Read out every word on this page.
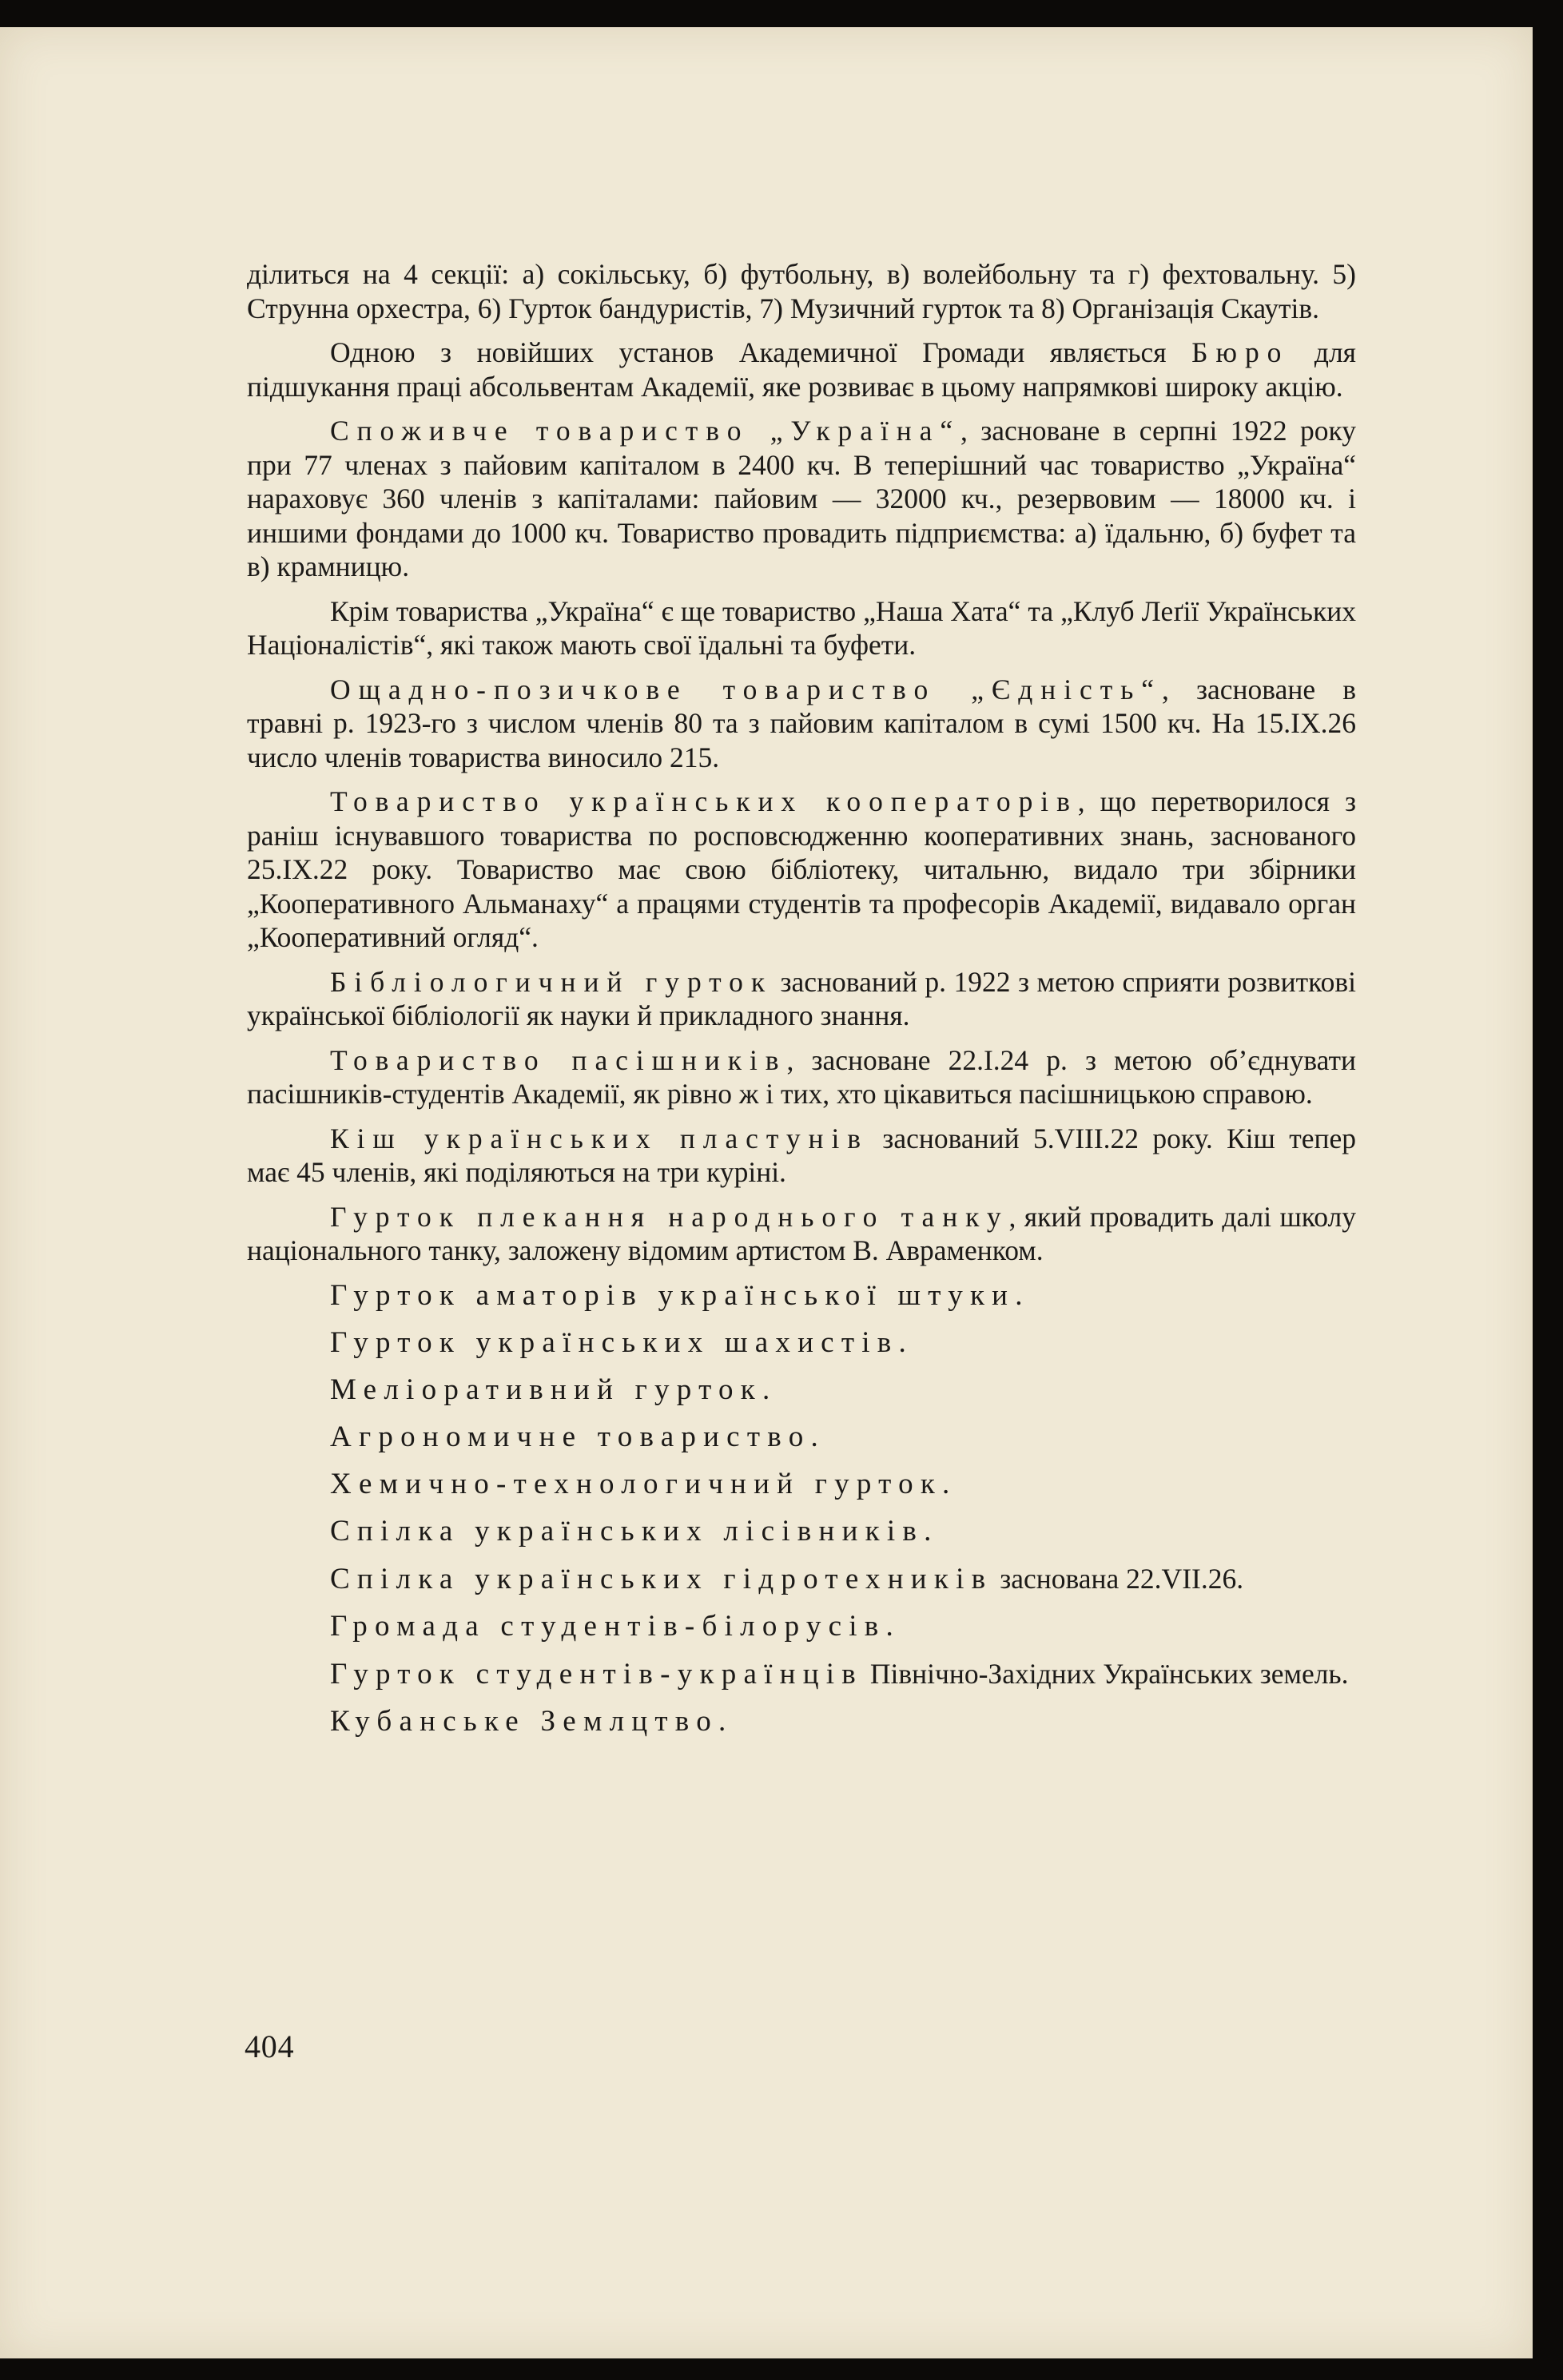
ділиться на 4 секції: а) сокільську, б) футбольну, в) волейбольну та г) фехтовальну. 5) Струнна орхестра, 6) Гурток бандуристів, 7) Музичний гурток та 8) Організація Скаутів.

Одною з новійших установ Академичної Громади являється Бюро для підшукання праці абсольвентам Академії, яке розвиває в цьому напрямкові широку акцію.

Споживче товариство „Україна“, засноване в серпні 1922 року при 77 членах з пайовим капіталом в 2400 кч. В теперішний час товариство „Україна“ нараховує 360 членів з капіталами: пайовим — 32000 кч., резервовим — 18000 кч. і иншими фондами до 1000 кч. Товариство провадить підприємства: а) їдальню, б) буфет та в) крамницю.

Крім товариства „Україна“ є ще товариство „Наша Хата“ та „Клуб Леґії Українських Націоналістів“, які також мають свої їдальні та буфети.

Ощадно-позичкове товариство „Єдність“, засноване в травні р. 1923-го з числом членів 80 та з пайовим капіталом в сумі 1500 кч. На 15.IX.26 число членів товариства виносило 215.

Товариство українських кооператорів, що перетворилося з раніш існувавшого товариства по росповсюдженню кооперативних знань, заснованого 25.IX.22 року. Товариство має свою бібліотеку, читальню, видало три збірники „Кооперативного Альманаху“ а працями студентів та професорів Академії, видавало орган „Кооперативний огляд“.

Бібліологичний гурток заснований р. 1922 з метою сприяти розвиткові української бібліології як науки й прикладного знання.

Товариство пасішників, засноване 22.I.24 р. з метою об’єднувати пасішників-студентів Академії, як рівно ж і тих, хто цікавиться пасішницькою справою.

Кіш українських пластунів заснований 5.VIII.22 року. Кіш тепер має 45 членів, які поділяються на три куріні.

Гурток плекання народнього танку, який провадить далі школу національного танку, заложену відомим артистом В. Авраменком.

Гурток аматорів української штуки.

Гурток українських шахистів.

Меліоративний гурток.

Агрономичне товариство.

Хемично-технологичний гурток.

Спілка українських лісівників.

Спілка українських гідротехників заснована 22.VII.26.

Громада студентів-білорусів.

Гурток студентів-українців Північно-Західних Українських земель.

Кубанське Землцтво.

404
